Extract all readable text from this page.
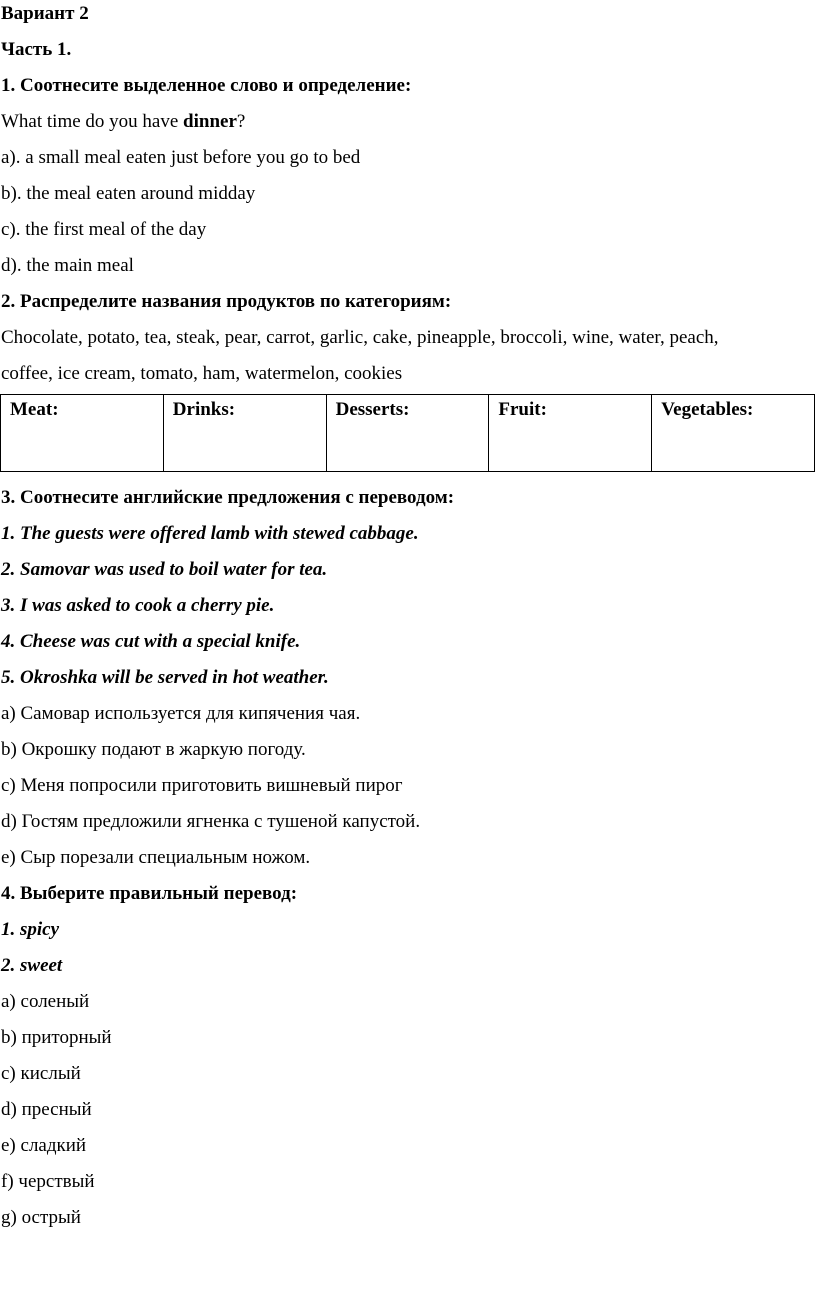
Вариант 2

Часть 1.

1. Соотнесите выделенное слово и определение:

What time do you have dinner?

a). a small meal eaten just before you go to bed

b). the meal eaten around midday

c). the first meal of the day

d). the main meal

2. Распределите названия продуктов по категориям:

Chocolate, potato, tea, steak, pear, carrot, garlic, cake, pineapple, broccoli, wine, water, peach,

coffee, ice cream, tomato, ham, watermelon, cookies

Meat:	Drinks:	Desserts:	Fruit:	Vegetables:

3. Соотнесите английские предложения с переводом:

1. The guests were offered lamb with stewed cabbage.

2. Samovar was used to boil water for tea.

3. I was asked to cook a cherry pie.

4. Cheese was cut with a special knife.

5. Okroshka will be served in hot weather.

a) Самовар используется для кипячения чая.

b) Окрошку подают в жаркую погоду.

c) Меня попросили приготовить вишневый пирог

d) Гостям предложили ягненка с тушеной капустой.

e) Сыр порезали специальным ножом.

4. Выберите правильный перевод:

1. spicy

2. sweet

a) соленый

b) приторный

c) кислый

d) пресный

e) сладкий

f) черствый

g) острый
